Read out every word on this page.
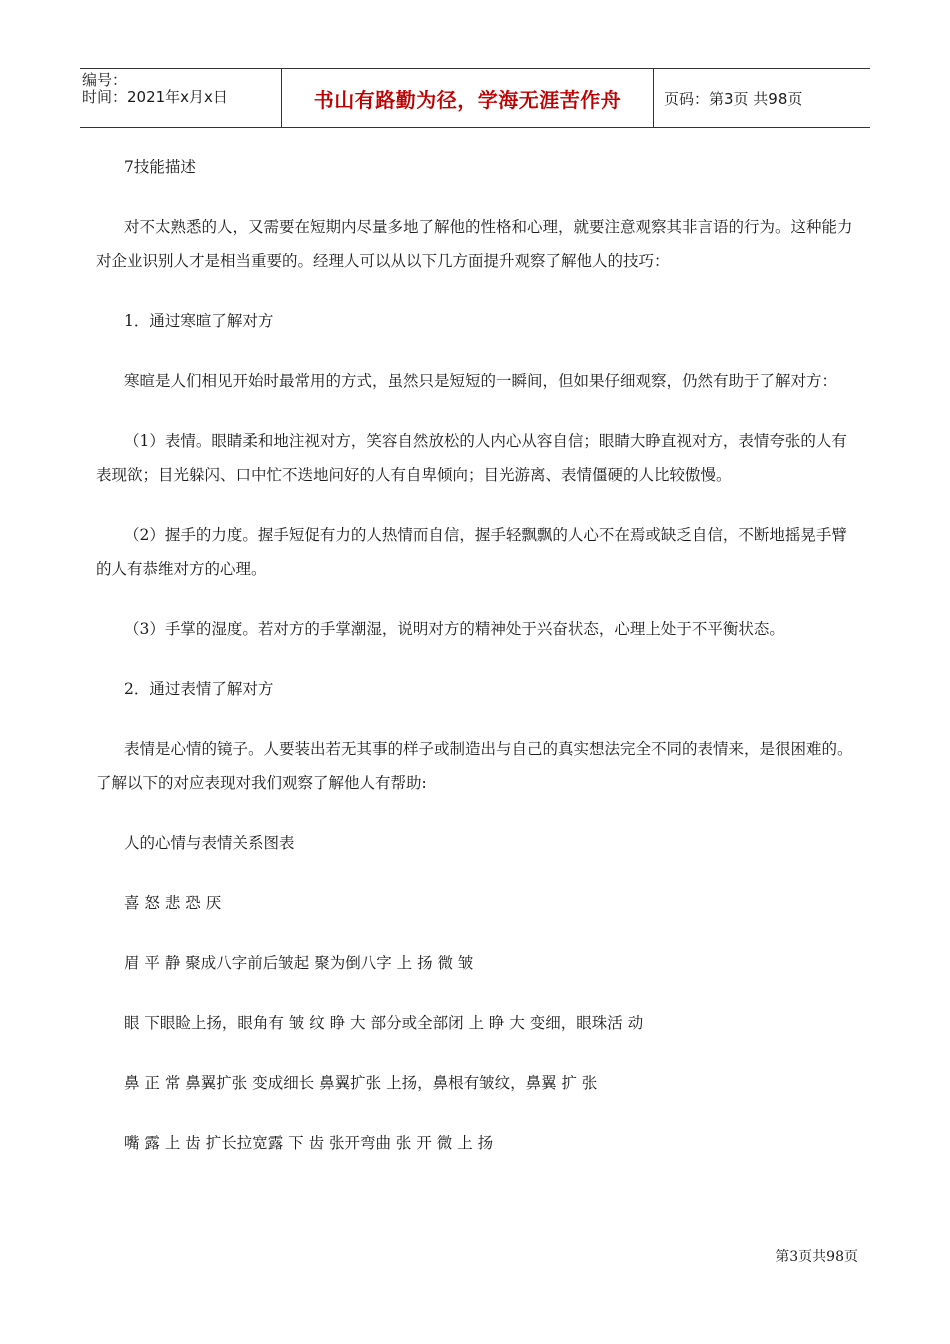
编号：
时间：2021年x月x日	书山有路勤为径，学海无涯苦作舟	页码：第3页 共98页

7技能描述

对不太熟悉的人，又需要在短期内尽量多地了解他的性格和心理，就要注意观察其非言语的行为。这种能力对企业识别人才是相当重要的。经理人可以从以下几方面提升观察了解他人的技巧：

1．通过寒暄了解对方

寒暄是人们相见开始时最常用的方式，虽然只是短短的一瞬间，但如果仔细观察，仍然有助于了解对方：

（1）表情。眼睛柔和地注视对方，笑容自然放松的人内心从容自信；眼睛大睁直视对方，表情夸张的人有表现欲；目光躲闪、口中忙不迭地问好的人有自卑倾向；目光游离、表情僵硬的人比较傲慢。

（2）握手的力度。握手短促有力的人热情而自信，握手轻飘飘的人心不在焉或缺乏自信，不断地摇晃手臂的人有恭维对方的心理。

（3）手掌的湿度。若对方的手掌潮湿，说明对方的精神处于兴奋状态，心理上处于不平衡状态。

2．通过表情了解对方

表情是心情的镜子。人要装出若无其事的样子或制造出与自己的真实想法完全不同的表情来，是很困难的。了解以下的对应表现对我们观察了解他人有帮助:

人的心情与表情关系图表

喜 怒 悲 恐 厌

眉 平 静 聚成八字前后皱起 聚为倒八字 上 扬 微 皱

眼 下眼睑上扬，眼角有 皱 纹 睁 大 部分或全部闭 上 睁 大 变细，眼珠活 动

鼻 正 常 鼻翼扩张 变成细长 鼻翼扩张 上扬，鼻根有皱纹，鼻翼 扩 张

嘴 露 上 齿 扩长拉宽露 下 齿 张开弯曲 张 开 微 上 扬

第3页共98页
